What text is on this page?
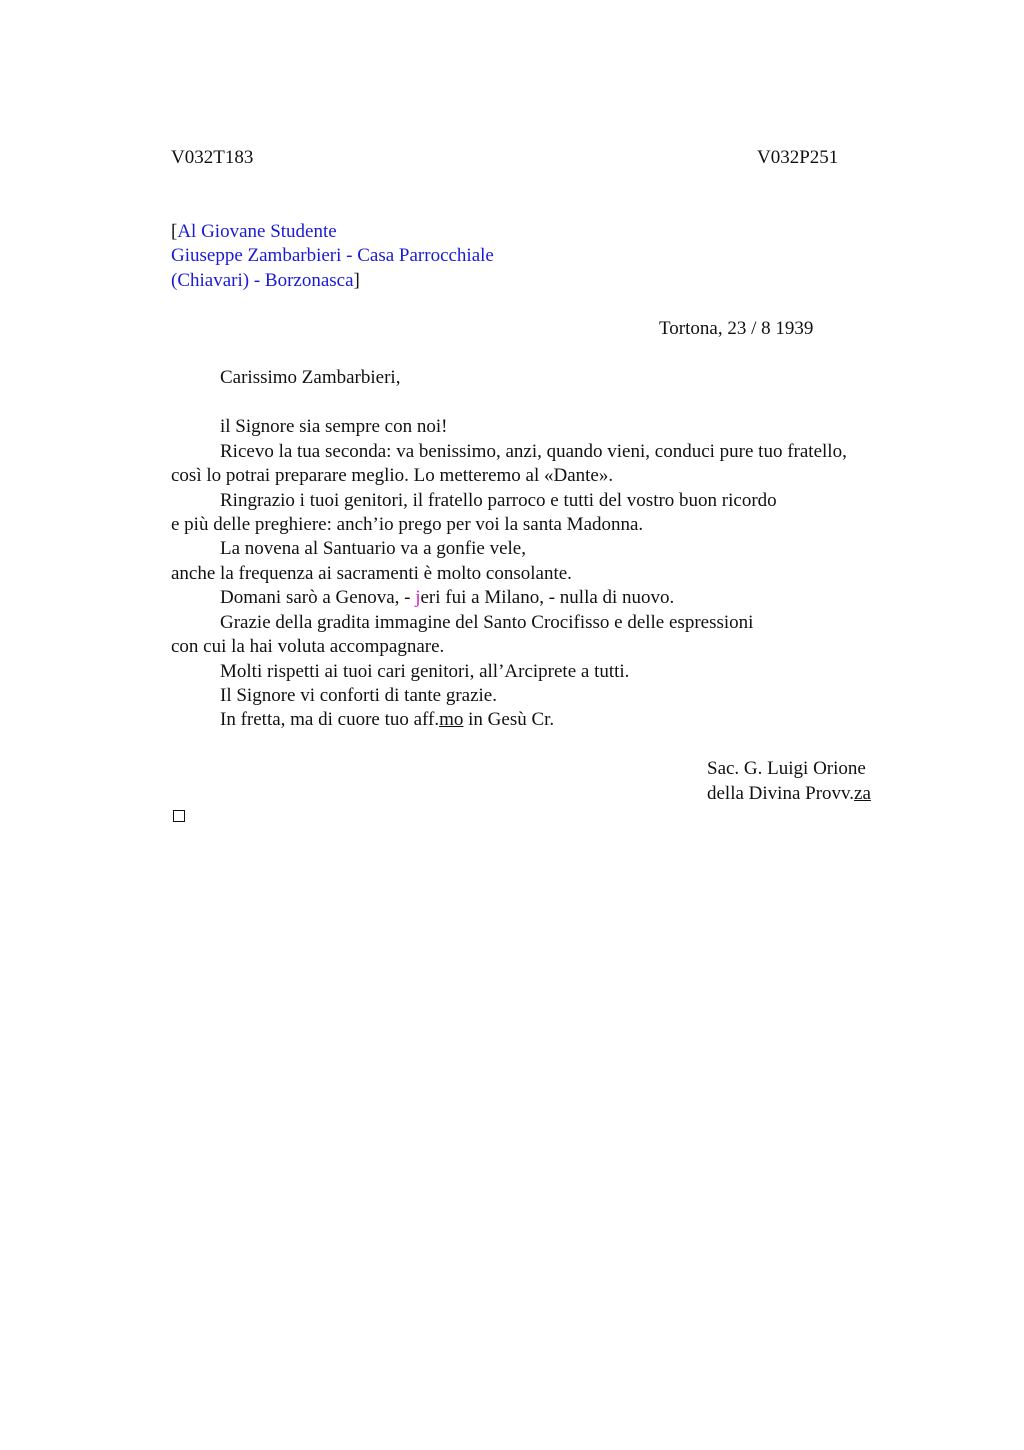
V032T183	V032P251
[Al Giovane Studente
Giuseppe Zambarbieri - Casa Parrocchiale
(Chiavari) - Borzonasca]
Tortona, 23 / 8 1939
Carissimo Zambarbieri,
il Signore sia sempre con noi!
Ricevo la tua seconda: va benissimo, anzi, quando vieni, conduci pure tuo fratello,
così lo potrai preparare meglio. Lo metteremo al «Dante».
Ringrazio i tuoi genitori, il fratello parroco e tutti del vostro buon ricordo
e più delle preghiere: anch’io prego per voi la santa Madonna.
La novena al Santuario va a gonfie vele,
anche la frequenza ai sacramenti è molto consolante.
Domani sarò a Genova, - jeri fui a Milano, - nulla di nuovo.
Grazie della gradita immagine del Santo Crocifisso e delle espressioni
con cui la hai voluta accompagnare.
Molti rispetti ai tuoi cari genitori, all’Arciprete a tutti.
Il Signore vi conforti di tante grazie.
In fretta, ma di cuore tuo aff.mo in Gesù Cr.
Sac. G. Luigi Orione
della Divina Provv.za
